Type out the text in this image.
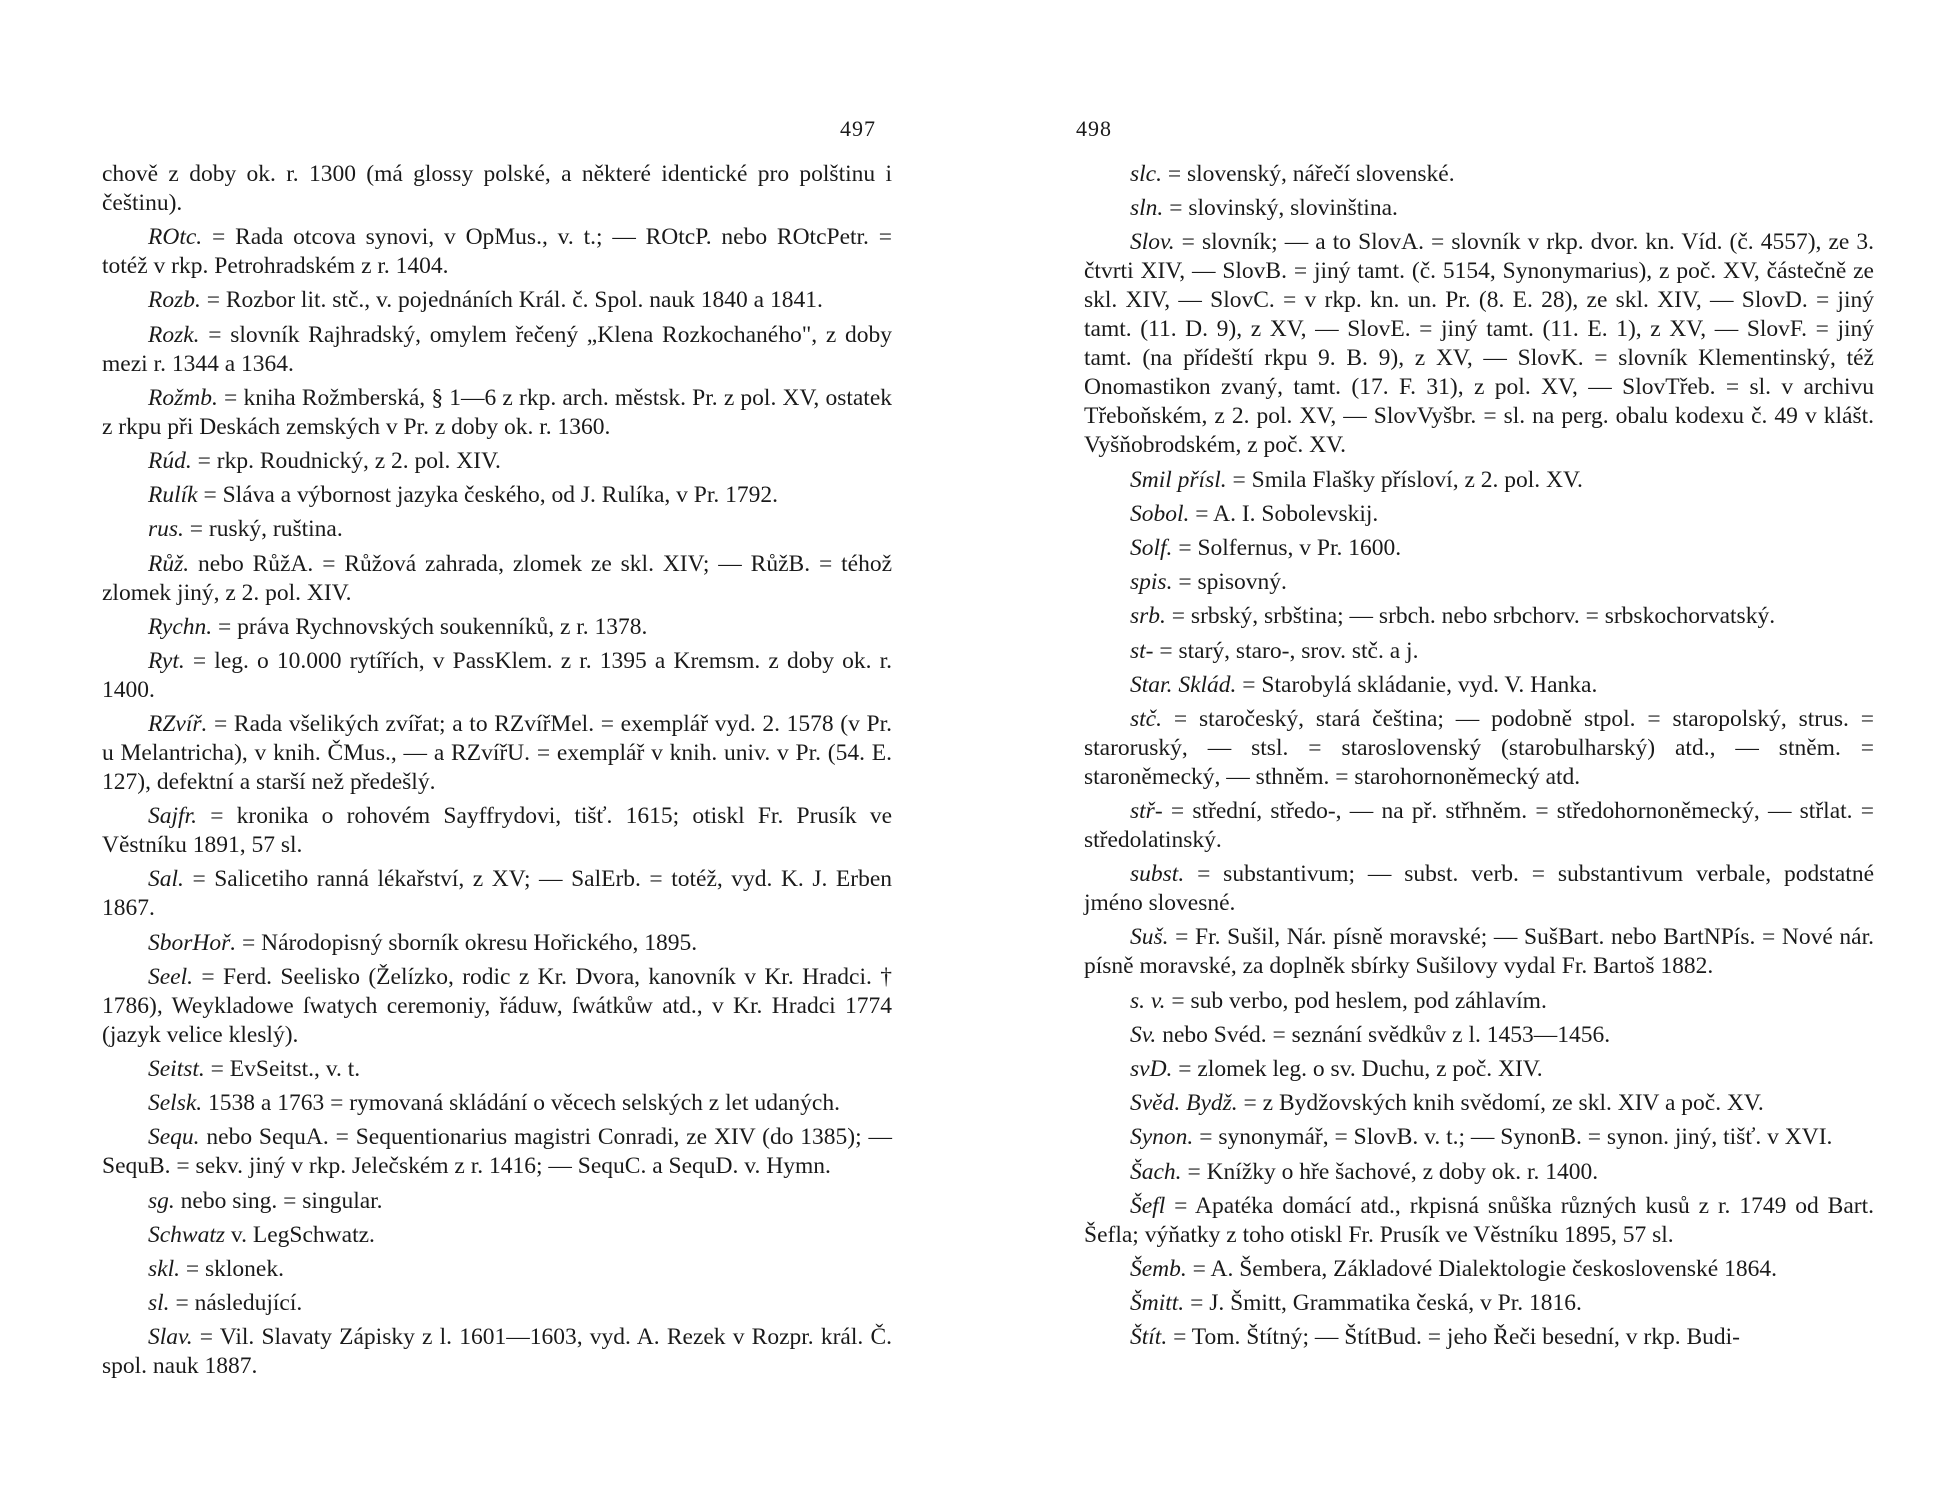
497

chově z doby ok. r. 1300 (má glossy polské, a některé identické pro polštinu i češtinu).

ROtc. = Rada otcova synovi, v OpMus., v. t.; — ROtcP. nebo ROtcPetr. = totéž v rkp. Petrohradském z r. 1404.

Rozb. = Rozbor lit. stč., v. pojednáních Král. č. Spol. nauk 1840 a 1841.

Rozk. = slovník Rajhradský, omylem řečený „Klena Rozkochaného", z doby mezi r. 1344 a 1364.

Rožmb. = kniha Rožmberská, § 1—6 z rkp. arch. městsk. Pr. z pol. XV, ostatek z rkpu při Deskách zemských v Pr. z doby ok. r. 1360.

Rúd. = rkp. Roudnický, z 2. pol. XIV.

Rulík = Sláva a výbornost jazyka českého, od J. Rulíka, v Pr. 1792.

rus. = ruský, ruština.

Růž. nebo RůžA. = Růžová zahrada, zlomek ze skl. XIV; — RůžB. = téhož zlomek jiný, z 2. pol. XIV.

Rychn. = práva Rychnovských soukenníků, z r. 1378.

Ryt. = leg. o 10.000 rytířích, v PassKlem. z r. 1395 a Kremsm. z doby ok. r. 1400.

RZvíř. = Rada všelikých zvířat; a to RZvířMel. = exemplář vyd. 2. 1578 (v Pr. u Melantricha), v knih. ČMus., — a RZvířU. = exemplář v knih. univ. v Pr. (54. E. 127), defektní a starší než předešlý.

Sajfr. = kronika o rohovém Sayffrydovi, tišť. 1615; otiskl Fr. Prusík ve Věstníku 1891, 57 sl.

Sal. = Salicetiho ranná lékařství, z XV; — SalErb. = totéž, vyd. K. J. Erben 1867.

SborHoř. = Národopisný sborník okresu Hořického, 1895.

Seel. = Ferd. Seelisko (Želízko, rodic z Kr. Dvora, kanovník v Kr. Hradci. † 1786), Weykladowe ſwatych ceremoniy, řáduw, ſwátkůw atd., v Kr. Hradci 1774 (jazyk velice kleslý).

Seitst. = EvSeitst., v. t.

Selsk. 1538 a 1763 = rymovaná skládání o věcech selských z let udaných.

Sequ. nebo SequA. = Sequentionarius magistri Conradi, ze XIV (do 1385); — SequB. = sekv. jiný v rkp. Jelečském z r. 1416; — SequC. a SequD. v. Hymn.

sg. nebo sing. = singular.

Schwatz v. LegSchwatz.

skl. = sklonek.

sl. = následující.

Slav. = Vil. Slavaty Zápisky z l. 1601—1603, vyd. A. Rezek v Rozpr. král. Č. spol. nauk 1887.

498

slc. = slovenský, nářečí slovenské.

sln. = slovinský, slovinština.

Slov. = slovník; — a to SlovA. = slovník v rkp. dvor. kn. Víd. (č. 4557), ze 3. čtvrti XIV, — SlovB. = jiný tamt. (č. 5154, Synonymarius), z poč. XV, částečně ze skl. XIV, — SlovC. = v rkp. kn. un. Pr. (8. E. 28), ze skl. XIV, — SlovD. = jiný tamt. (11. D. 9), z XV, — SlovE. = jiný tamt. (11. E. 1), z XV, — SlovF. = jiný tamt. (na přídeští rkpu 9. B. 9), z XV, — SlovK. = slovník Klementinský, též Onomastikon zvaný, tamt. (17. F. 31), z pol. XV, — SlovTřeb. = sl. v archivu Třeboňském, z 2. pol. XV, — SlovVyšbr. = sl. na perg. obalu kodexu č. 49 v klášt. Vyšňobrodském, z poč. XV.

Smil přísl. = Smila Flašky přísloví, z 2. pol. XV.

Sobol. = A. I. Sobolevskij.

Solf. = Solfernus, v Pr. 1600.

spis. = spisovný.

srb. = srbský, srbština; — srbch. nebo srbchorv. = srbskochorvatský.

st- = starý, staro-, srov. stč. a j.

Star. Sklád. = Starobylá skládanie, vyd. V. Hanka.

stč. = staročeský, stará čeština; — podobně stpol. = staropolský, strus. = staroruský, — stsl. = staroslovenský (starobulharský) atd., — stněm. = staroněmecký, — sthněm. = starohornoněmecký atd.

stř- = střední, středo-, — na př. střhněm. = středohornoněmecký, — střlat. = středolatinský.

subst. = substantivum; — subst. verb. = substantivum verbale, podstatné jméno slovesné.

Suš. = Fr. Sušil, Nár. písně moravské; — SušBart. nebo BartNPís. = Nové nár. písně moravské, za doplněk sbírky Sušilovy vydal Fr. Bartoš 1882.

s. v. = sub verbo, pod heslem, pod záhlavím.

Sv. nebo Svéd. = seznání svědkův z l. 1453—1456.

svD. = zlomek leg. o sv. Duchu, z poč. XIV.

Svěd. Bydž. = z Bydžovských knih svědomí, ze skl. XIV a poč. XV.

Synon. = synonymář, = SlovB. v. t.; — SynonB. = synon. jiný, tišť. v XVI.

Šach. = Knížky o hře šachové, z doby ok. r. 1400.

Šefl = Apatéka domácí atd., rkpisná snůška různých kusů z r. 1749 od Bart. Šefla; výňatky z toho otiskl Fr. Prusík ve Věstníku 1895, 57 sl.

Šemb. = A. Šembera, Základové Dialektologie československé 1864.

Šmitt. = J. Šmitt, Grammatika česká, v Pr. 1816.

Štít. = Tom. Štítný; — ŠtítBud. = jeho Řeči besední, v rkp. Budi-
